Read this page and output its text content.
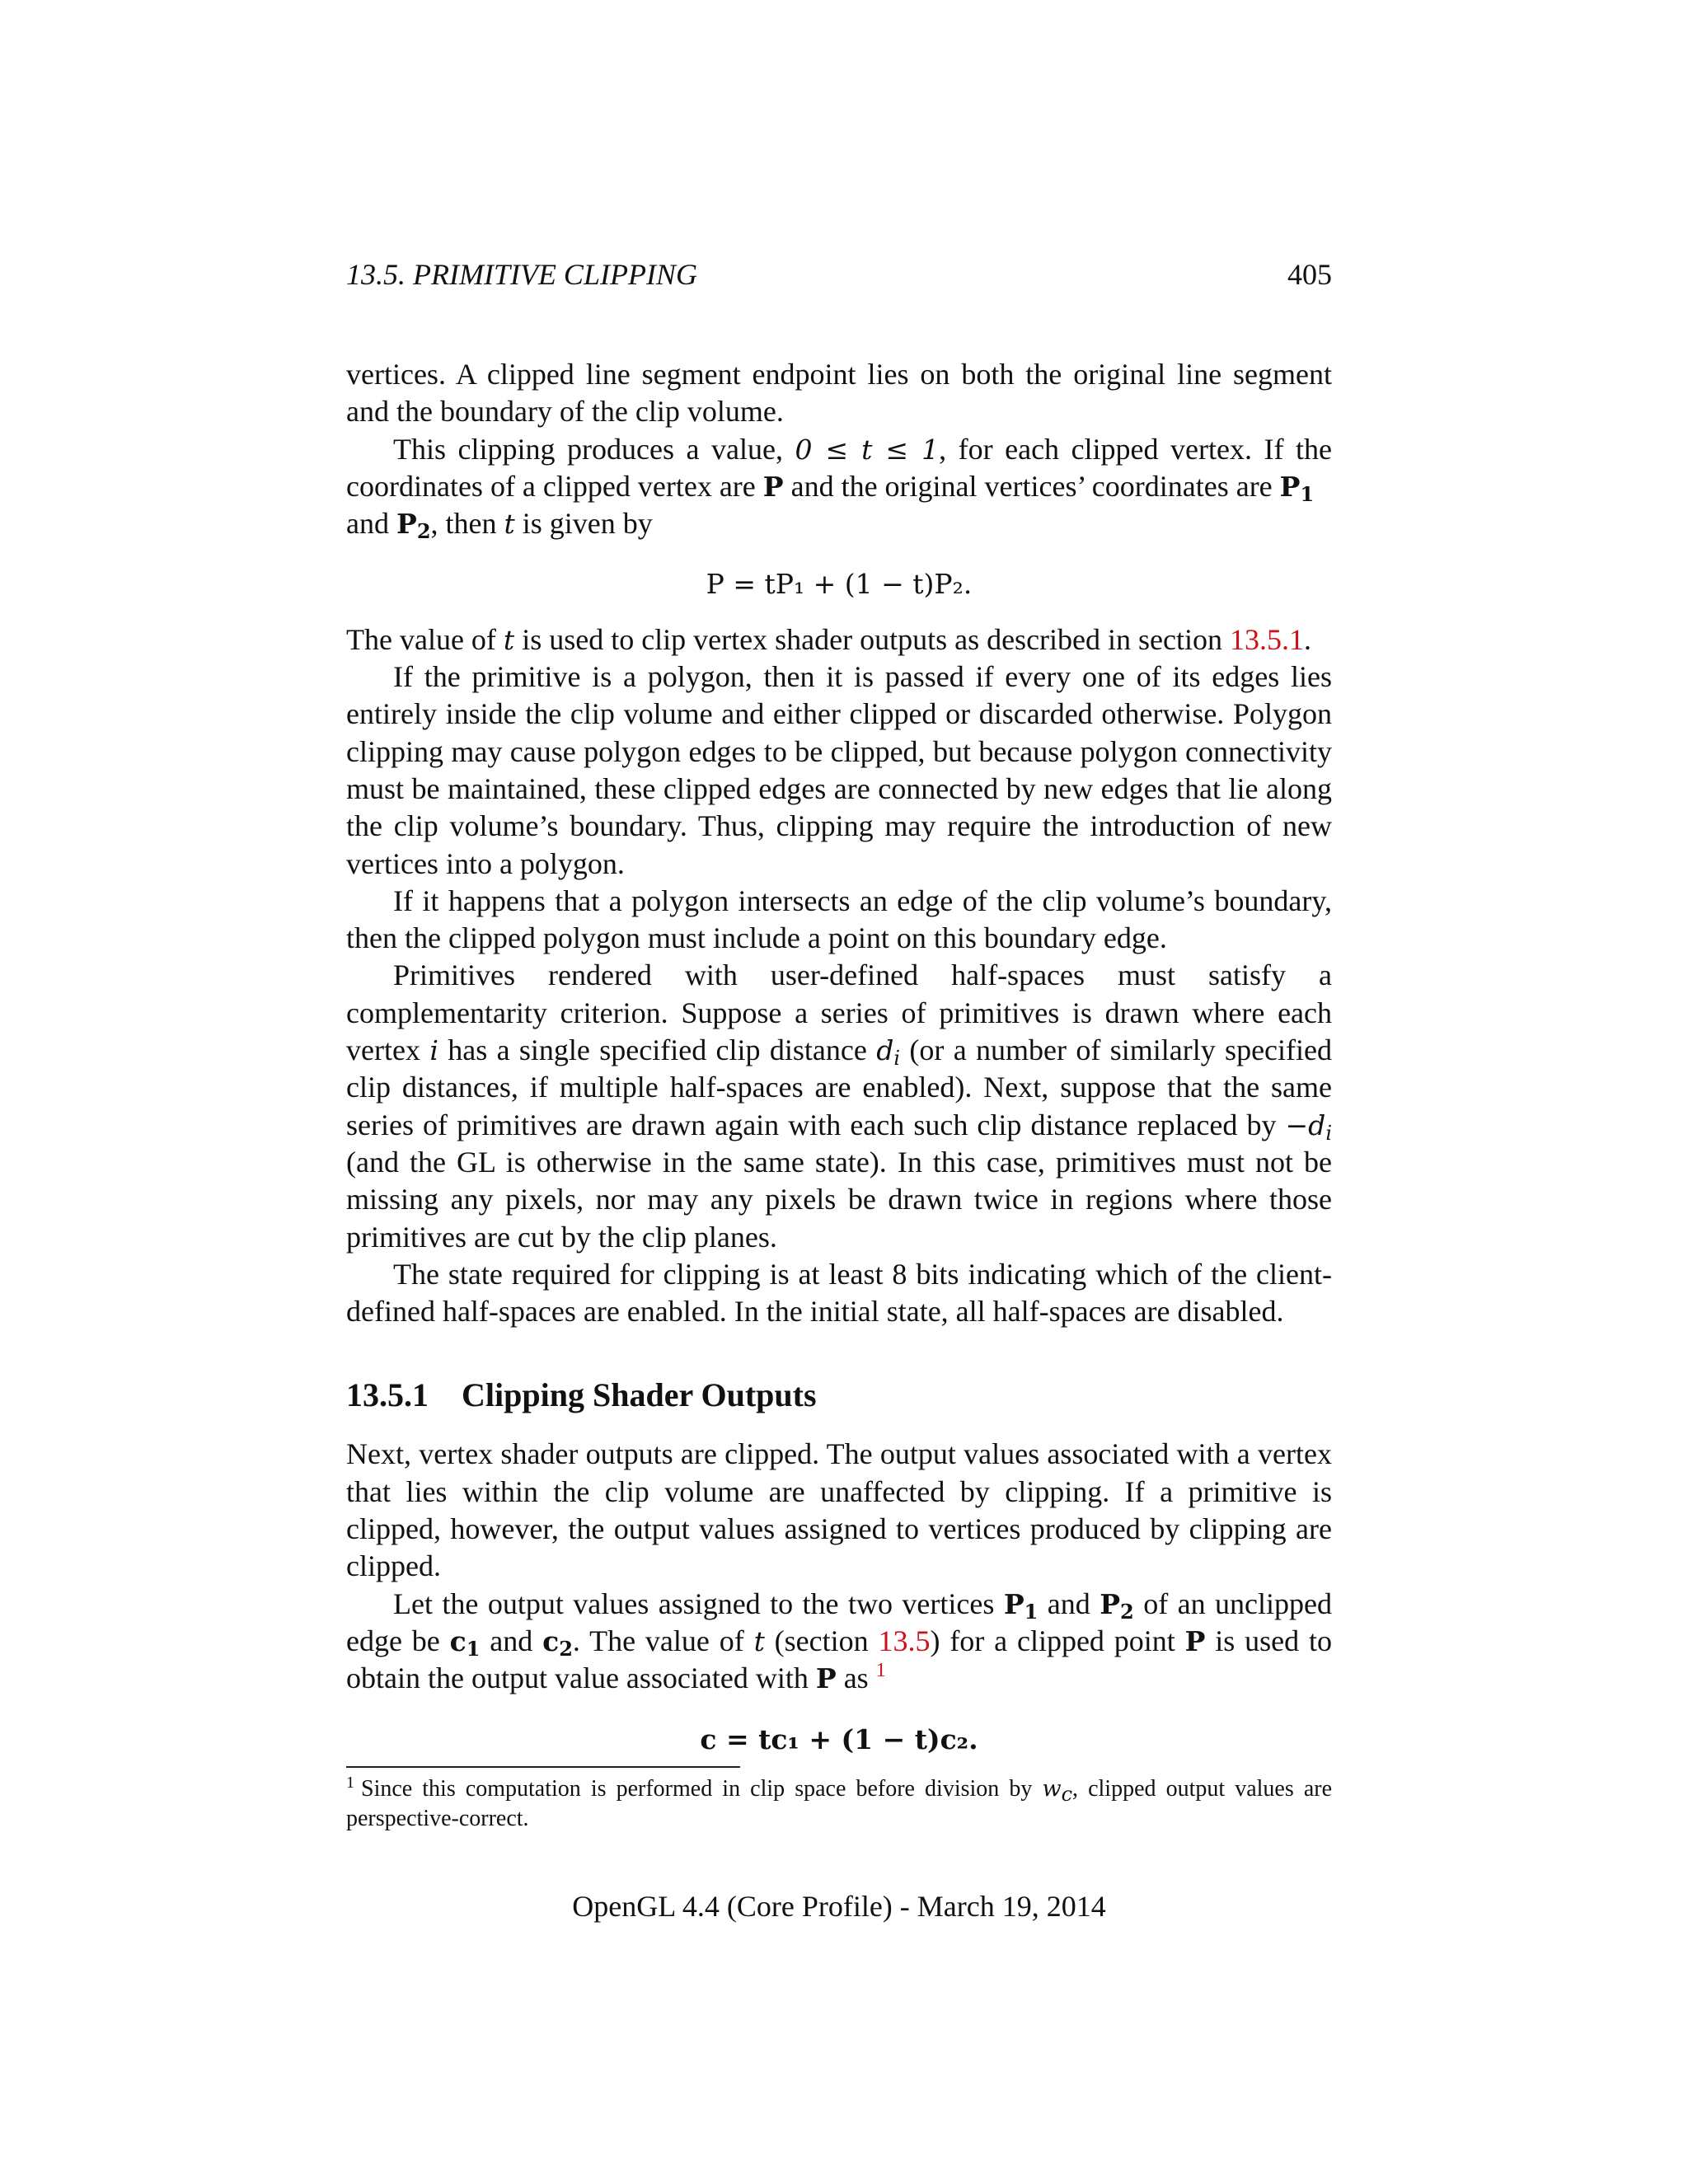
13.5. PRIMITIVE CLIPPING	405

vertices. A clipped line segment endpoint lies on both the original line segment and the boundary of the clip volume.

This clipping produces a value, 0 ≤ t ≤ 1, for each clipped vertex. If the coordinates of a clipped vertex are P and the original vertices’ coordinates are $P_1$
and $P_2$, then t is given by

P = tP₁ + (1 − t)P₂.

The value of t is used to clip vertex shader outputs as described in section 13.5.1.

If the primitive is a polygon, then it is passed if every one of its edges lies entirely inside the clip volume and either clipped or discarded otherwise. Polygon clipping may cause polygon edges to be clipped, but because polygon connectivity must be maintained, these clipped edges are connected by new edges that lie along the clip volume’s boundary. Thus, clipping may require the introduction of new vertices into a polygon.

If it happens that a polygon intersects an edge of the clip volume’s boundary, then the clipped polygon must include a point on this boundary edge.

Primitives rendered with user-defined half-spaces must satisfy a complementarity criterion. Suppose a series of primitives is drawn where each vertex i has a single specified clip distance $d_i$ (or a number of similarly specified clip distances, if multiple half-spaces are enabled). Next, suppose that the same series of primitives are drawn again with each such clip distance replaced by $-d_i$ (and the GL is otherwise in the same state). In this case, primitives must not be missing any pixels, nor may any pixels be drawn twice in regions where those primitives are cut by the clip planes.

The state required for clipping is at least 8 bits indicating which of the client-defined half-spaces are enabled. In the initial state, all half-spaces are disabled.

13.5.1 Clipping Shader Outputs

Next, vertex shader outputs are clipped. The output values associated with a vertex that lies within the clip volume are unaffected by clipping. If a primitive is clipped, however, the output values assigned to vertices produced by clipping are clipped.

Let the output values assigned to the two vertices $P_1$ and $P_2$ of an unclipped edge be $c_1$ and $c_2$. The value of t (section 13.5) for a clipped point P is used to obtain the output value associated with P as $^1$

c = tc₁ + (1 − t)c₂.
$^1$ Since this computation is performed in clip space before division by $w_c$, clipped output values are perspective-correct.
OpenGL 4.4 (Core Profile) - March 19, 2014
